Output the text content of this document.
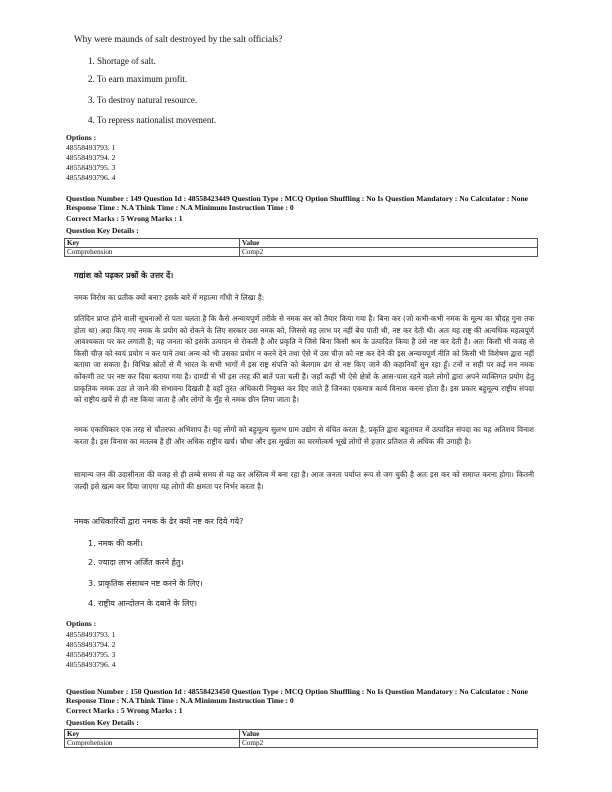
Why were maunds of salt destroyed by the salt officials?
1. Shortage of salt.
2. To earn maximum profit.
3. To destroy natural resource.
4. To repress nationalist movement.
Options :
48558493793. 1
48558493794. 2
48558493795. 3
48558493796. 4
Question Number : 149 Question Id : 48558423449 Question Type : MCQ Option Shuffling : No Is Question Mandatory : No Calculator : None
Response Time : N.A Think Time : N.A Minimum Instruction Time : 0
Correct Marks : 5 Wrong Marks : 1
Question Key Details :
Key	Value
Comprehension	Comp2
गद्यांश को पढ़कर प्रश्नों के उत्तर दें।
नमक विरोध का प्रतीक क्यों बना? इसके बारे में महात्मा गाँधी ने लिखा है:
प्रतिदिन प्राप्त होने वाली सूचनाओं से पता चलता है कि कैसे अन्यायपूर्ण तरीके से नमक कर को तैयार किया गया है। बिना कर (जो कभी-कभी नमक के मूल्य का चौदह गुना तक होता था) अदा किए गए नमक के प्रयोग को रोकने के लिए सरकार उस नमक को, जिससे वह लाभ पर नहीं बेच पाती थी, नष्ट कर देती थी। अतः यह राष्ट्र की अत्यधिक महत्वपूर्ण आवश्यकता पर कर लगाती है; यह जनता को इसके उत्पादन से रोकती है और प्रकृति ने जिसे बिना किसी श्रम के उत्पादित किया है उसे नष्ट कर देती है। अतः किसी भी वजह से किसी चीज़ को स्वयं प्रयोग न कर पाने तथा अन्य को भी उसका प्रयोग न करने देने तथा ऐसे में उस चीज़ को नष्ट कर देने की इस अन्यायपूर्ण नीति को किसी भी विशेषण द्वारा नहीं बताया जा सकता है। विभिन्न स्रोतों से मैं भारत के सभी भागों में इस राष्ट्र संपत्ति को बेलगाम ढंग से नष्ट किए जाने की कहानियाँ सुन रहा हूँ। टनों न सही पर कई मन नमक कोंकणी तट पर नष्ट कर दिया बताया गया है। दाण्डी से भी इस तरह की बातें पता चली हैं। जहाँ कहीं भी ऐसे क्षेत्रों के आस-पास रहने वाले लोगों द्वारा अपने व्यक्तिगत प्रयोग हेतु प्राकृतिक नमक उठा ले जाने की संभावना दिखती है वहाँ तुरंत अधिकारी नियुक्त कर दिए जाते हैं जिनका एकमात्र कार्य विनाश करना होता है। इस प्रकार बहुमूल्य राष्ट्रीय संपदा को राष्ट्रीय खर्चे से ही नष्ट किया जाता है और लोगों के मुँह से नमक छीन लिया जाता है।
नमक एकाधिकार एक तरह से चौतरफा अभिशाप है। यह लोगों को बहुमूल्य सुलभ ग्राम उद्योग से वंचित करता है, प्रकृति द्वारा बहुतायत में उत्पादित संपदा का यह अतिशय विनाश करता है। इस विनाश का मतलब है ही और अधिक राष्ट्रीय खर्च। चौथा और इस मूर्खता का चरमोत्कर्ष भूखे लोगों से हज़ार प्रतिशत से अधिक की उगाही है।
सामान्य जन की उदासीनता की वजह से ही लम्बे समय से यह कर अस्तित्व में बना रहा है। आज जनता पर्याप्त रूप से जग चुकी है अतः इस कर को समाप्त करना होगा। कितनी जल्दी इसे खत्म कर दिया जाएगा यह लोगों की क्षमता पर निर्भर करता है।
नमक अधिकारियों द्वारा नमक के ढेर क्यों नष्ट कर दिये गये?
1. नमक की कमी।
2. ज्यादा लाभ अर्जित करने हेतु।
3. प्राकृतिक संसाधन नष्ट करने के लिए।
4. राष्ट्रीय आन्दोलन के दबाने के लिए।
Options :
48558493793. 1
48558493794. 2
48558493795. 3
48558493796. 4
Question Number : 150 Question Id : 48558423450 Question Type : MCQ Option Shuffling : No Is Question Mandatory : No Calculator : None
Response Time : N.A Think Time : N.A Minimum Instruction Time : 0
Correct Marks : 5 Wrong Marks : 1
Question Key Details :
Key	Value
Comprehension	Comp2
